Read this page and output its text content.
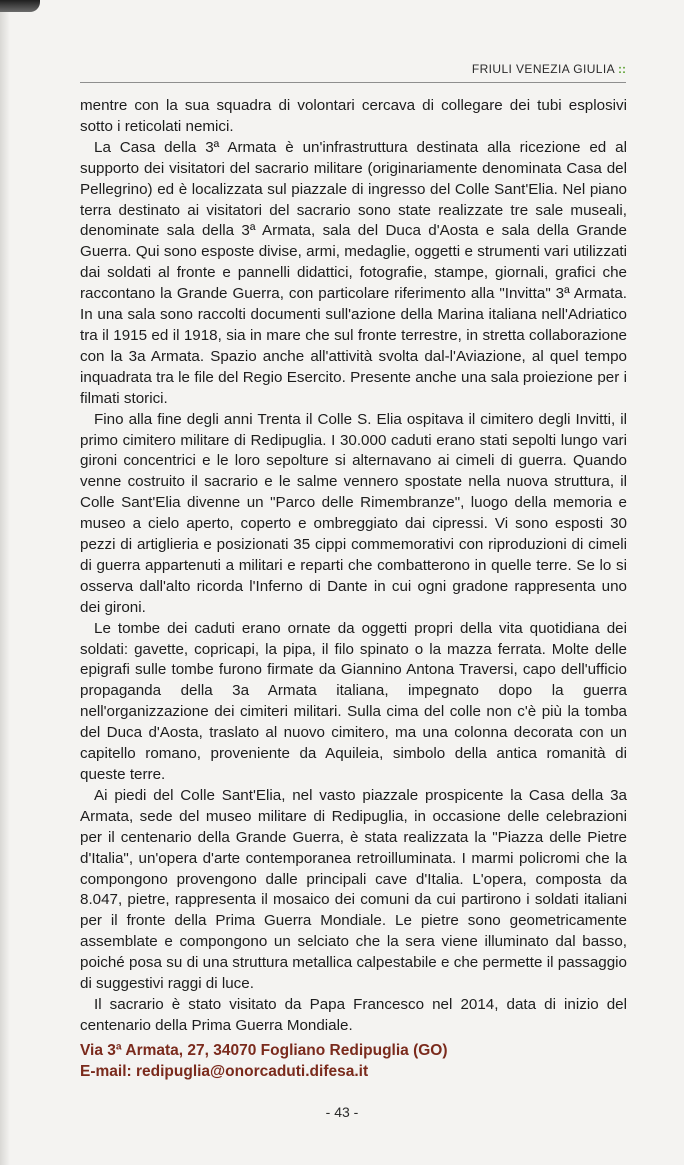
FRIULI VENEZIA GIULIA ::

mentre con la sua squadra di volontari cercava di collegare dei tubi esplosivi sotto i reticolati nemici.

La Casa della 3ª Armata è un'infrastruttura destinata alla ricezione ed al supporto dei visitatori del sacrario militare (originariamente denominata Casa del Pellegrino) ed è localizzata sul piazzale di ingresso del Colle Sant'Elia. Nel piano terra destinato ai visitatori del sacrario sono state realizzate tre sale museali, denominate sala della 3ª Armata, sala del Duca d'Aosta e sala della Grande Guerra. Qui sono esposte divise, armi, medaglie, oggetti e strumenti vari utilizzati dai soldati al fronte e pannelli didattici, fotografie, stampe, giornali, grafici che raccontano la Grande Guerra, con particolare riferimento alla "Invitta" 3ª Armata. In una sala sono raccolti documenti sull'azione della Marina italiana nell'Adriatico tra il 1915 ed il 1918, sia in mare che sul fronte terrestre, in stretta collaborazione con la 3a Armata. Spazio anche all'attività svolta dal-l'Aviazione, al quel tempo inquadrata tra le file del Regio Esercito. Presente anche una sala proiezione per i filmati storici.

Fino alla fine degli anni Trenta il Colle S. Elia ospitava il cimitero degli Invitti, il primo cimitero militare di Redipuglia. I 30.000 caduti erano stati sepolti lungo vari gironi concentrici e le loro sepolture si alternavano ai cimeli di guerra. Quando venne costruito il sacrario e le salme vennero spostate nella nuova struttura, il Colle Sant'Elia divenne un "Parco delle Rimembranze", luogo della memoria e museo a cielo aperto, coperto e ombreggiato dai cipressi. Vi sono esposti 30 pezzi di artiglieria e posizionati 35 cippi commemorativi con riproduzioni di cimeli di guerra appartenuti a militari e reparti che combatterono in quelle terre. Se lo si osserva dall'alto ricorda l'Inferno di Dante in cui ogni gradone rappresenta uno dei gironi.

Le tombe dei caduti erano ornate da oggetti propri della vita quotidiana dei soldati: gavette, copricapi, la pipa, il filo spinato o la mazza ferrata. Molte delle epigrafi sulle tombe furono firmate da Giannino Antona Traversi, capo dell'ufficio propaganda della 3a Armata italiana, impegnato dopo la guerra nell'organizzazione dei cimiteri militari. Sulla cima del colle non c'è più la tomba del Duca d'Aosta, traslato al nuovo cimitero, ma una colonna decorata con un capitello romano, proveniente da Aquileia, simbolo della antica romanità di queste terre.

Ai piedi del Colle Sant'Elia, nel vasto piazzale prospicente la Casa della 3a Armata, sede del museo militare di Redipuglia, in occasione delle celebrazioni per il centenario della Grande Guerra, è stata realizzata la "Piazza delle Pietre d'Italia", un'opera d'arte contemporanea retroilluminata. I marmi policromi che la compongono provengono dalle principali cave d'Italia. L'opera, composta da 8.047, pietre, rappresenta il mosaico dei comuni da cui partirono i soldati italiani per il fronte della Prima Guerra Mondiale. Le pietre sono geometricamente assemblate e compongono un selciato che la sera viene illuminato dal basso, poiché posa su di una struttura metallica calpestabile e che permette il passaggio di suggestivi raggi di luce.

Il sacrario è stato visitato da Papa Francesco nel 2014, data di inizio del centenario della Prima Guerra Mondiale.

Via 3ª Armata, 27, 34070 Fogliano Redipuglia (GO)
E-mail: redipuglia@onorcaduti.difesa.it
- 43 -
